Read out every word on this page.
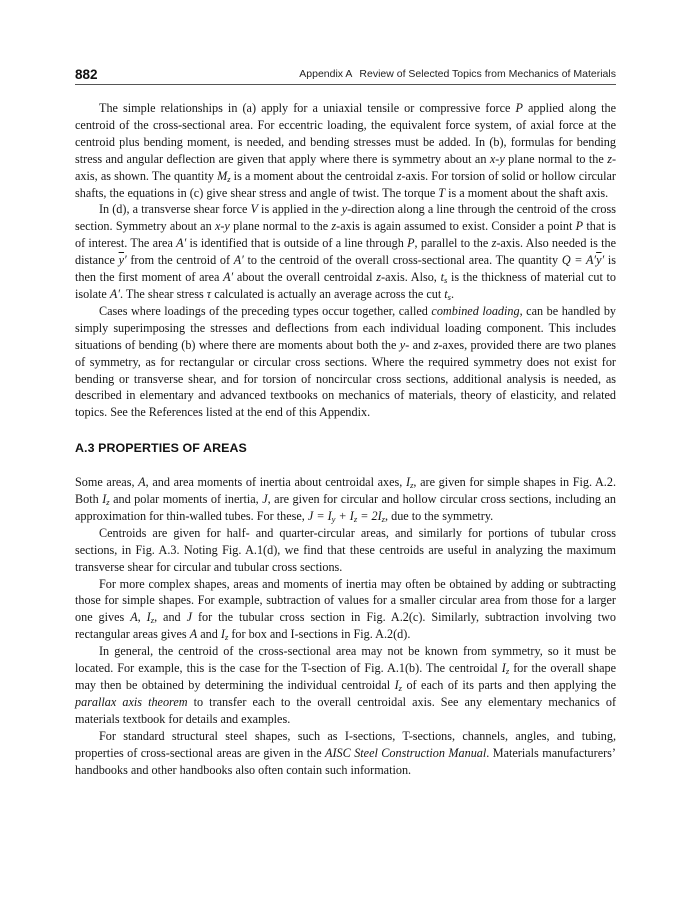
882	Appendix A Review of Selected Topics from Mechanics of Materials

The simple relationships in (a) apply for a uniaxial tensile or compressive force P applied along the centroid of the cross-sectional area. For eccentric loading, the equivalent force system, of axial force at the centroid plus bending moment, is needed, and bending stresses must be added. In (b), formulas for bending stress and angular deflection are given that apply where there is symmetry about an x-y plane normal to the z-axis, as shown. The quantity $M_z$ is a moment about the centroidal z-axis. For torsion of solid or hollow circular shafts, the equations in (c) give shear stress and angle of twist. The torque T is a moment about the shaft axis.

In (d), a transverse shear force V is applied in the y-direction along a line through the centroid of the cross section. Symmetry about an x-y plane normal to the z-axis is again assumed to exist. Consider a point P that is of interest. The area A′ is identified that is outside of a line through P, parallel to the z-axis. Also needed is the distance $\overline{y}'$ from the centroid of A′ to the centroid of the overall cross-sectional area. The quantity $Q = A'\overline{y}'$ is then the first moment of area A′ about the overall centroidal z-axis. Also, $t_s$ is the thickness of material cut to isolate A′. The shear stress τ calculated is actually an average across the cut $t_s$.

Cases where loadings of the preceding types occur together, called combined loading, can be handled by simply superimposing the stresses and deflections from each individual loading component. This includes situations of bending (b) where there are moments about both the y- and z-axes, provided there are two planes of symmetry, as for rectangular or circular cross sections. Where the required symmetry does not exist for bending or transverse shear, and for torsion of noncircular cross sections, additional analysis is needed, as described in elementary and advanced textbooks on mechanics of materials, theory of elasticity, and related topics. See the References listed at the end of this Appendix.

A.3 PROPERTIES OF AREAS

Some areas, A, and area moments of inertia about centroidal axes, $I_z$, are given for simple shapes in Fig. A.2. Both $I_z$ and polar moments of inertia, J, are given for circular and hollow circular cross sections, including an approximation for thin-walled tubes. For these, $J = I_y + I_z = 2I_z$, due to the symmetry.

Centroids are given for half- and quarter-circular areas, and similarly for portions of tubular cross sections, in Fig. A.3. Noting Fig. A.1(d), we find that these centroids are useful in analyzing the maximum transverse shear for circular and tubular cross sections.

For more complex shapes, areas and moments of inertia may often be obtained by adding or subtracting those for simple shapes. For example, subtraction of values for a smaller circular area from those for a larger one gives A, $I_z$, and J for the tubular cross section in Fig. A.2(c). Similarly, subtraction involving two rectangular areas gives A and $I_z$ for box and I-sections in Fig. A.2(d).

In general, the centroid of the cross-sectional area may not be known from symmetry, so it must be located. For example, this is the case for the T-section of Fig. A.1(b). The centroidal $I_z$ for the overall shape may then be obtained by determining the individual centroidal $I_z$ of each of its parts and then applying the parallax axis theorem to transfer each to the overall centroidal axis. See any elementary mechanics of materials textbook for details and examples.

For standard structural steel shapes, such as I-sections, T-sections, channels, angles, and tubing, properties of cross-sectional areas are given in the AISC Steel Construction Manual. Materials manufacturers’ handbooks and other handbooks also often contain such information.
